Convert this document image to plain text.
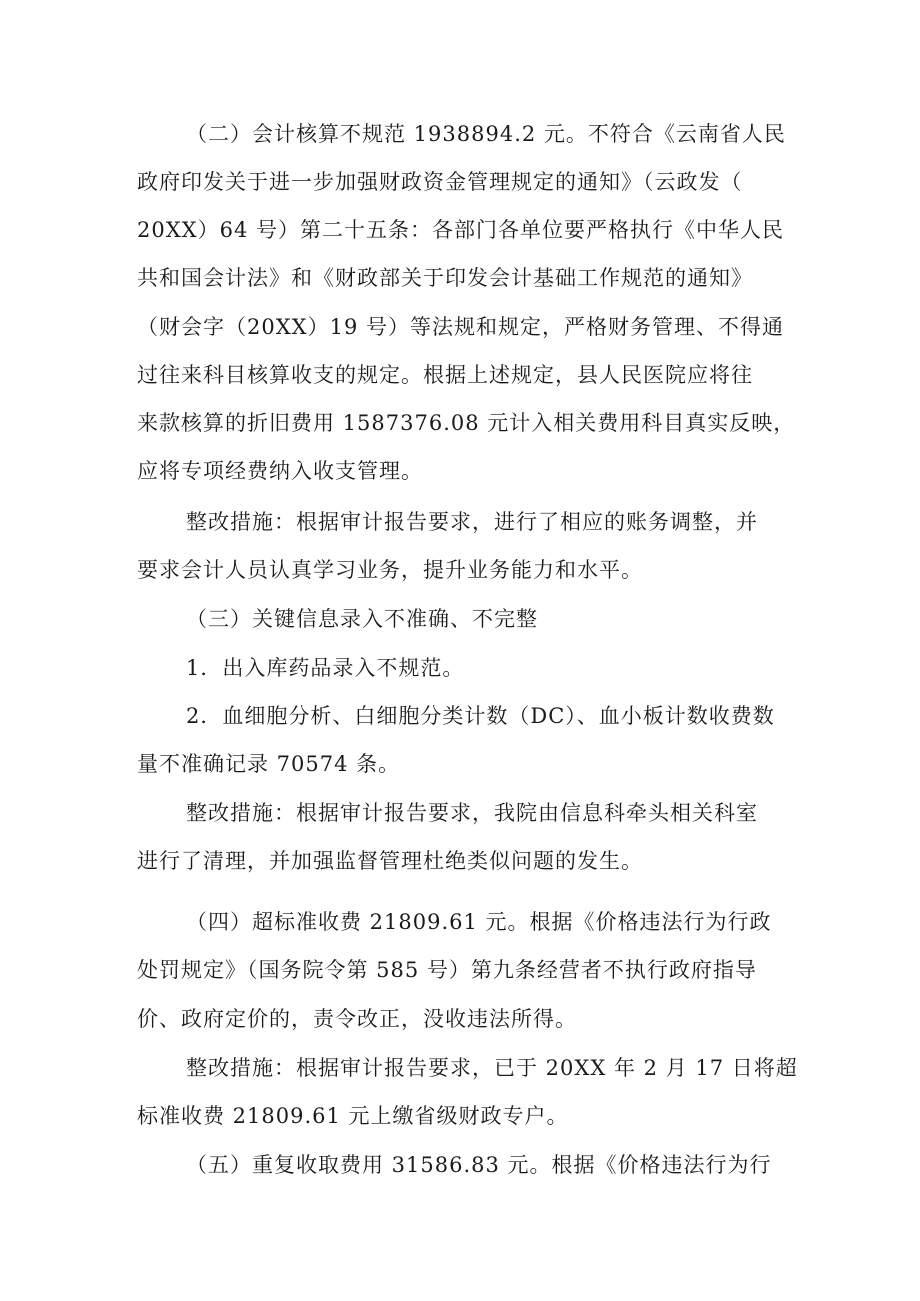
（二）会计核算不规范 1938894.2 元。不符合《云南省人民
政府印发关于进一步加强财政资金管理规定的通知》（云政发（
20XX）64 号）第二十五条：各部门各单位要严格执行《中华人民
共和国会计法》和《财政部关于印发会计基础工作规范的通知》
（财会字（20XX）19 号）等法规和规定，严格财务管理、不得通
过往来科目核算收支的规定。根据上述规定，县人民医院应将往
来款核算的折旧费用 1587376.08 元计入相关费用科目真实反映，
应将专项经费纳入收支管理。
整改措施：根据审计报告要求，进行了相应的账务调整，并
要求会计人员认真学习业务，提升业务能力和水平。
（三）关键信息录入不准确、不完整
1．出入库药品录入不规范。
2．血细胞分析、白细胞分类计数（DC）、血小板计数收费数
量不准确记录 70574 条。
整改措施：根据审计报告要求，我院由信息科牵头相关科室
进行了清理，并加强监督管理杜绝类似问题的发生。
（四）超标准收费 21809.61 元。根据《价格违法行为行政
处罚规定》（国务院令第 585 号）第九条经营者不执行政府指导
价、政府定价的，责令改正，没收违法所得。
整改措施：根据审计报告要求，已于 20XX 年 2 月 17 日将超
标准收费 21809.61 元上缴省级财政专户。
（五）重复收取费用 31586.83 元。根据《价格违法行为行
